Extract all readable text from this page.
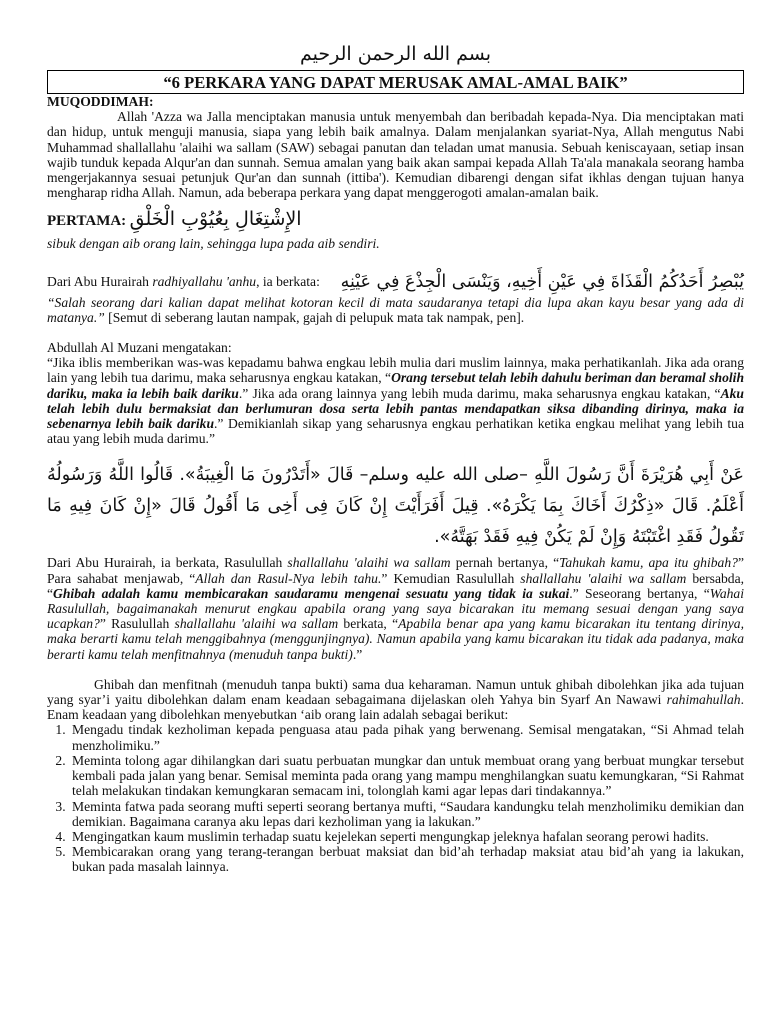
بسم الله الرحمن الرحيم
“6 PERKARA YANG DAPAT MERUSAK AMAL-AMAL BAIK”

MUQODDIMAH:

Allah 'Azza wa Jalla menciptakan manusia untuk menyembah dan beribadah kepada-Nya. Dia menciptakan mati dan hidup, untuk menguji manusia, siapa yang lebih baik amalnya. Dalam menjalankan syariat-Nya, Allah mengutus Nabi Muhammad shallallahu 'alaihi wa sallam (SAW) sebagai panutan dan teladan umat manusia. Sebuah keniscayaan, setiap insan wajib tunduk kepada Alqur'an dan sunnah. Semua amalan yang baik akan sampai kepada Allah Ta'ala manakala seorang hamba mengerjakannya sesuai petunjuk Qur'an dan sunnah (ittiba'). Kemudian dibarengi dengan sifat ikhlas dengan tujuan hanya mengharap ridha Allah. Namun, ada beberapa perkara yang dapat menggerogoti amalan-amalan baik.

PERTAMA: الإِشْتِغَالِ بِعُيُوْبِ الْخَلْقِ

sibuk dengan aib orang lain, sehingga lupa pada aib sendiri.

Dari Abu Hurairah radhiyallahu 'anhu, ia berkata: يُبْصِرُ أَحَدُكُمُ الْقَذَاةَ فِي عَيْنِ أَخِيهِ، وَيَنْسَى الْجِذْعَ فِي عَيْنِهِ

“Salah seorang dari kalian dapat melihat kotoran kecil di mata saudaranya tetapi dia lupa akan kayu besar yang ada di matanya.” [Semut di seberang lautan nampak, gajah di pelupuk mata tak nampak, pen].

Abdullah Al Muzani mengatakan:

“Jika iblis memberikan was-was kepadamu bahwa engkau lebih mulia dari muslim lainnya, maka perhatikanlah. Jika ada orang lain yang lebih tua darimu, maka seharusnya engkau katakan, “Orang tersebut telah lebih dahulu beriman dan beramal sholih dariku, maka ia lebih baik dariku.” Jika ada orang lainnya yang lebih muda darimu, maka seharusnya engkau katakan, “Aku telah lebih dulu bermaksiat dan berlumuran dosa serta lebih pantas mendapatkan siksa dibanding dirinya, maka ia sebenarnya lebih baik dariku.” Demikianlah sikap yang seharusnya engkau perhatikan ketika engkau melihat yang lebih tua atau yang lebih muda darimu.”

عَنْ أَبِي هُرَيْرَةَ أَنَّ رَسُولَ اللَّهِ –صلى الله عليه وسلم– قَالَ «أَتَدْرُونَ مَا الْغِيبَةُ». قَالُوا اللَّهُ وَرَسُولُهُ أَعْلَمُ. قَالَ «ذِكْرُكَ أَخَاكَ بِمَا يَكْرَهُ». قِيلَ أَفَرَأَيْتَ إِنْ كَانَ فِى أَخِى مَا أَقُولُ قَالَ «إِنْ كَانَ فِيهِ مَا تَقُولُ فَقَدِ اغْتَبْتَهُ وَإِنْ لَمْ يَكُنْ فِيهِ فَقَدْ بَهَتَّهُ».

Dari Abu Hurairah, ia berkata, Rasulullah shallallahu 'alaihi wa sallam pernah bertanya, “Tahukah kamu, apa itu ghibah?” Para sahabat menjawab, “Allah dan Rasul-Nya lebih tahu.” Kemudian Rasulullah shallallahu 'alaihi wa sallam bersabda, “Ghibah adalah kamu membicarakan saudaramu mengenai sesuatu yang tidak ia sukai.” Seseorang bertanya, “Wahai Rasulullah, bagaimanakah menurut engkau apabila orang yang saya bicarakan itu memang sesuai dengan yang saya ucapkan?” Rasulullah shallallahu 'alaihi wa sallam berkata, “Apabila benar apa yang kamu bicarakan itu tentang dirinya, maka berarti kamu telah menggibahnya (menggunjingnya). Namun apabila yang kamu bicarakan itu tidak ada padanya, maka berarti kamu telah menfitnahnya (menuduh tanpa bukti).”

Ghibah dan menfitnah (menuduh tanpa bukti) sama dua keharaman. Namun untuk ghibah dibolehkan jika ada tujuan yang syar’i yaitu dibolehkan dalam enam keadaan sebagaimana dijelaskan oleh Yahya bin Syarf An Nawawi rahimahullah. Enam keadaan yang dibolehkan menyebutkan ‘aib orang lain adalah sebagai berikut:

1. Mengadu tindak kezholiman kepada penguasa atau pada pihak yang berwenang. Semisal mengatakan, “Si Ahmad telah menzholimiku.”
2. Meminta tolong agar dihilangkan dari suatu perbuatan mungkar dan untuk membuat orang yang berbuat mungkar tersebut kembali pada jalan yang benar. Semisal meminta pada orang yang mampu menghilangkan suatu kemungkaran, “Si Rahmat telah melakukan tindakan kemungkaran semacam ini, tolonglah kami agar lepas dari tindakannya.”
3. Meminta fatwa pada seorang mufti seperti seorang bertanya mufti, “Saudara kandungku telah menzholimiku demikian dan demikian. Bagaimana caranya aku lepas dari kezholiman yang ia lakukan.”
4. Mengingatkan kaum muslimin terhadap suatu kejelekan seperti mengungkap jeleknya hafalan seorang perowi hadits.
5. Membicarakan orang yang terang-terangan berbuat maksiat dan bid’ah terhadap maksiat atau bid’ah yang ia lakukan, bukan pada masalah lainnya.
